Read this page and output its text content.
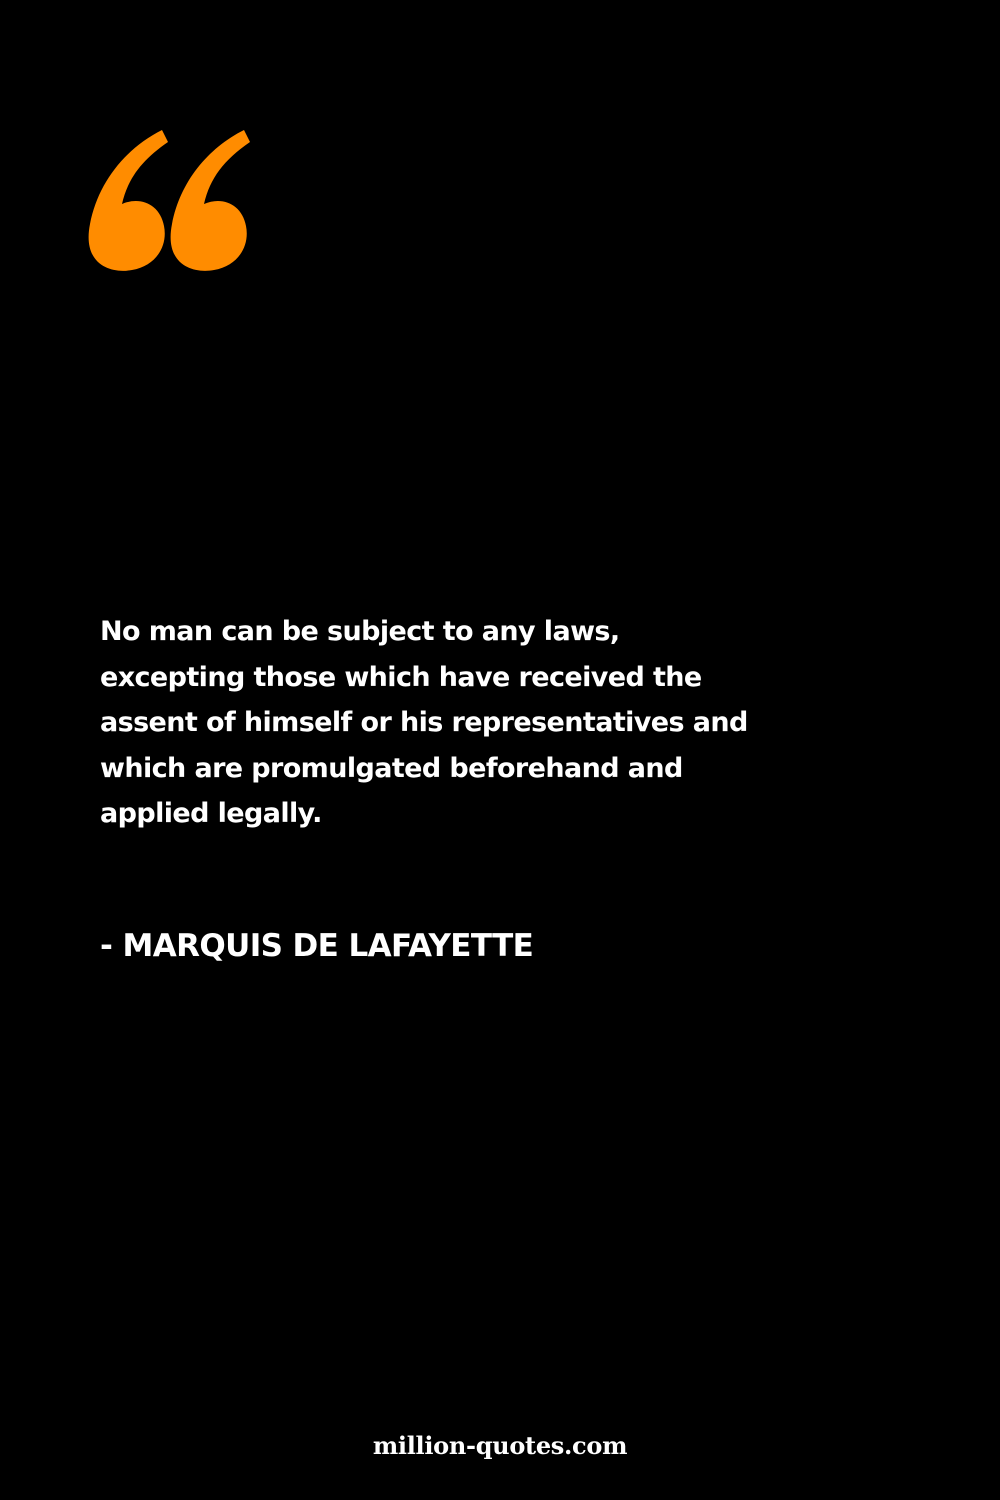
No man can be subject to any laws,
excepting those which have received the
assent of himself or his representatives and
which are promulgated beforehand and
applied legally.

- MARQUIS DE LAFAYETTE

million-quotes.com
